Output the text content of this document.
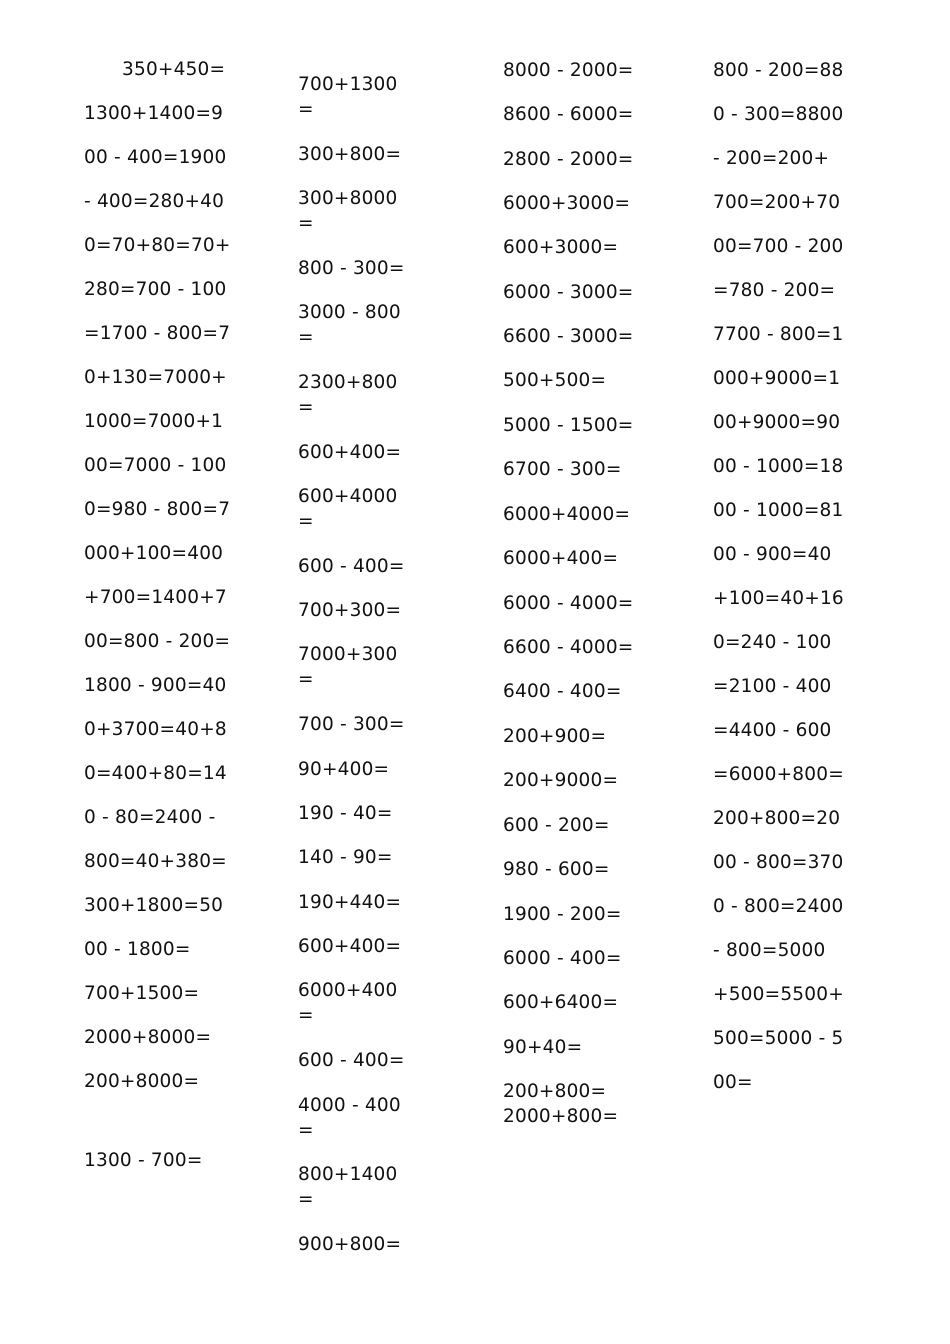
350+450=
1300+1400=9
00 - 400=1900
- 400=280+40
0=70+80=70+
280=700 - 100
=1700 - 800=7
0+130=7000+
1000=7000+1
00=7000 - 100
0=980 - 800=7
000+100=400
+700=1400+7
00=800 - 200=
1800 - 900=40
0+3700=40+8
0=400+80=14
0 - 80=2400 -
800=40+380=
300+1800=50
00 - 1800=
700+1500=
2000+8000=
200+8000=
1300 - 700=
700+1300
=
300+800=
300+8000
=
800 - 300=
3000 - 800
=
2300+800
=
600+400=
600+4000
=
600 - 400=
700+300=
7000+300
=
700 - 300=
90+400=
190 - 40=
140 - 90=
190+440=
600+400=
6000+400
=
600 - 400=
4000 - 400
=
800+1400
=
900+800=
8000 - 2000=
8600 - 6000=
2800 - 2000=
6000+3000=
600+3000=
6000 - 3000=
6600 - 3000=
500+500=
5000 - 1500=
6700 - 300=
6000+4000=
6000+400=
6000 - 4000=
6600 - 4000=
6400 - 400=
200+900=
200+9000=
600 - 200=
980 - 600=
1900 - 200=
6000 - 400=
600+6400=
90+40=
200+800=
2000+800=
800 - 200=88
0 - 300=8800
- 200=200+
700=200+70
00=700 - 200
=780 - 200=
7700 - 800=1
000+9000=1
00+9000=90
00 - 1000=18
00 - 1000=81
00 - 900=40
+100=40+16
0=240 - 100
=2100 - 400
=4400 - 600
=6000+800=
200+800=20
00 - 800=370
0 - 800=2400
- 800=5000
+500=5500+
500=5000 - 5
00=
